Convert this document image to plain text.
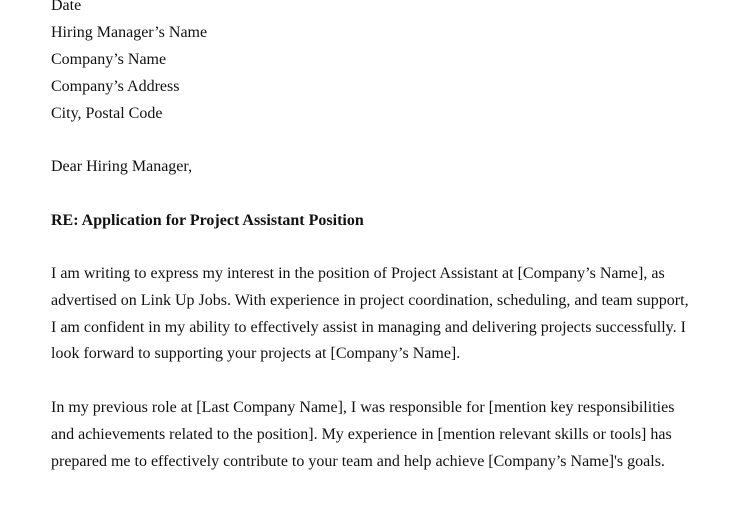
Date

Hiring Manager’s Name

Company’s Name

Company’s Address

City, Postal Code

Dear Hiring Manager,

RE: Application for Project Assistant Position

I am writing to express my interest in the position of Project Assistant at [Company’s Name], as advertised on Link Up Jobs. With experience in project coordination, scheduling, and team support, I am confident in my ability to effectively assist in managing and delivering projects successfully. I look forward to supporting your projects at [Company’s Name].

In my previous role at [Last Company Name], I was responsible for [mention key responsibilities and achievements related to the position]. My experience in [mention relevant skills or tools] has prepared me to effectively contribute to your team and help achieve [Company’s Name]'s goals.
